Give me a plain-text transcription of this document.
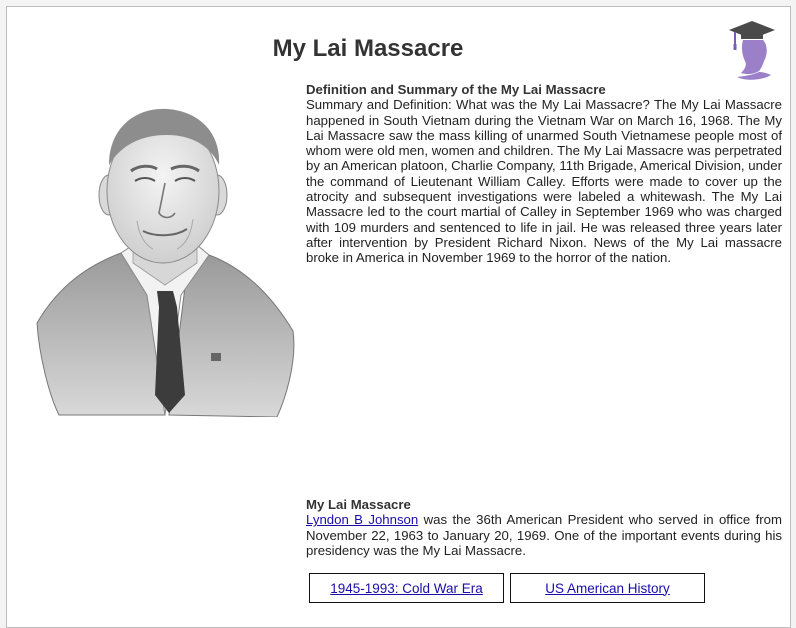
My Lai Massacre
Definition and Summary of the My Lai Massacre

Summary and Definition: What was the My Lai Massacre? The My Lai Massacre happened in South Vietnam during the Vietnam War on March 16, 1968. The My Lai Massacre saw the mass killing of unarmed South Vietnamese people most of whom were old men, women and children. The My Lai Massacre was perpetrated by an American platoon, Charlie Company, 11th Brigade, Americal Division, under the command of Lieutenant William Calley. Efforts were made to cover up the atrocity and subsequent investigations were labeled a whitewash. The My Lai Massacre led to the court martial of Calley in September 1969 who was charged with 109 murders and sentenced to life in jail. He was released three years later after intervention by President Richard Nixon. News of the My Lai massacre broke in America in November 1969 to the horror of the nation.

My Lai Massacre

Lyndon B Johnson was the 36th American President who served in office from November 22, 1963 to January 20, 1969. One of the important events during his presidency was the My Lai Massacre.

1945-1993: Cold War Era	US American History
